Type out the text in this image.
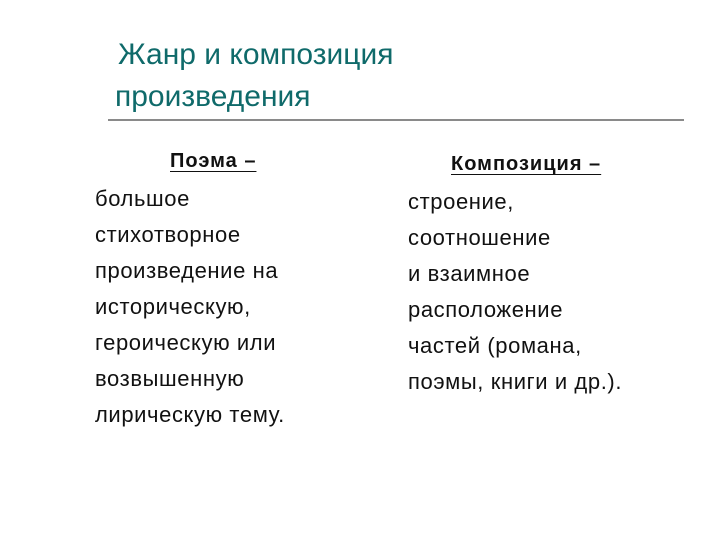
Жанр и композиция
произведения
Поэма –
большое
стихотворное
произведение на
историческую,
героическую или
возвышенную
лирическую тему.
Композиция –
строение,
соотношение
и взаимное
расположение
частей (романа,
поэмы, книги и др.).
